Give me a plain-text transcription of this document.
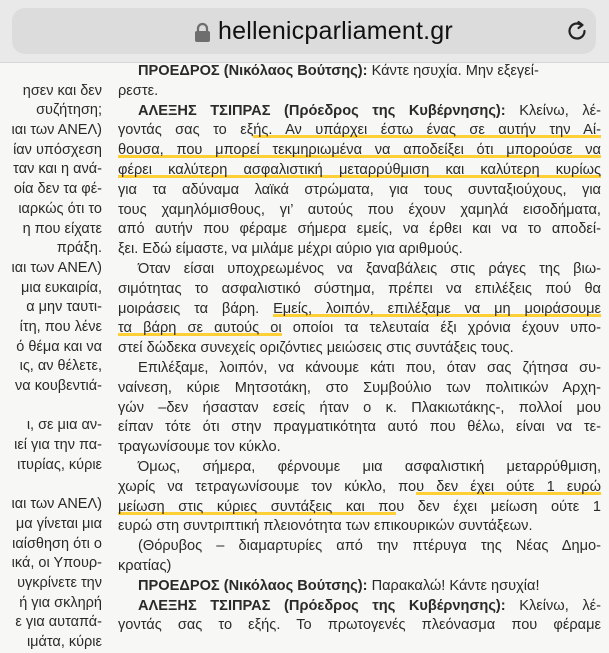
hellenicparliament.gr
ησεν και δεν
συζήτηση;
ιαι των ΑΝΕΛ)
ίαν υπόσχεση
ταν και η ανά-
οία δεν τα φέ-
ιαρκώς ότι το
η που είχατε
πράξη.
ιαι των ΑΝΕΛ)
μια ευκαιρία,
α μην ταυτι-
ίτη, που λένε
ό θέμα και να
ις, αν θέλετε,
να κουβεντιά-
ι, σε μια αν-
ιεί για την πα-
ιτυρίας, κύριε
ιαι των ΑΝΕΛ)
μα γίνεται μια
ιαίσθηση ότι ο
ικά, οι Υπουρ-
υγκρίνετε την
ή για σκληρή
ε για αυταπά-
ιμάτα, κύριε
ΠΡΟΕΔΡΟΣ (Νικόλαος Βούτσης): Κάντε ησυχία. Μην εξεγεί-
ρεστε.
ΑΛΕΞΗΣ ΤΣΙΠΡΑΣ (Πρόεδρος της Κυβέρνησης): Κλείνω, λέ-
γοντάς σας το εξής. Αν υπάρχει έστω ένας σε αυτήν την Αί-
θουσα, που μπορεί τεκμηριωμένα να αποδείξει ότι μπορούσε να
φέρει καλύτερη ασφαλιστική μεταρρύθμιση και καλύτερη κυρίως
για τα αδύναμα λαϊκά στρώματα, για τους συνταξιούχους, για
τους χαμηλόμισθους, γι’ αυτούς που έχουν χαμηλά εισοδήματα,
από αυτήν που φέραμε σήμερα εμείς, να έρθει και να το αποδεί-
ξει. Εδώ είμαστε, να μιλάμε μέχρι αύριο για αριθμούς.
Όταν είσαι υποχρεωμένος να ξαναβάλεις στις ράγες της βιω-
σιμότητας το ασφαλιστικό σύστημα, πρέπει να επιλέξεις πού θα
μοιράσεις τα βάρη. Εμείς, λοιπόν, επιλέξαμε να μη μοιράσουμε
τα βάρη σε αυτούς οι οποίοι τα τελευταία έξι χρόνια έχουν υπο-
στεί δώδεκα συνεχείς οριζόντιες μειώσεις στις συντάξεις τους.
Επιλέξαμε, λοιπόν, να κάνουμε κάτι που, όταν σας ζήτησα συ-
ναίνεση, κύριε Μητσοτάκη, στο Συμβούλιο των πολιτικών Αρχη-
γών –δεν ήσασταν εσείς ήταν ο κ. Πλακιωτάκης-, πολλοί μου
είπαν τότε ότι στην πραγματικότητα αυτό που θέλω, είναι να τε-
τραγωνίσουμε τον κύκλο.
Όμως, σήμερα, φέρνουμε μια ασφαλιστική μεταρρύθμιση,
χωρίς να τετραγωνίσουμε τον κύκλο, που δεν έχει ούτε 1 ευρώ
μείωση στις κύριες συντάξεις και που δεν έχει μείωση ούτε 1
ευρώ στη συντριπτική πλειονότητα των επικουρικών συντάξεων.
(Θόρυβος – διαμαρτυρίες από την πτέρυγα της Νέας Δημο-
κρατίας)
ΠΡΟΕΔΡΟΣ (Νικόλαος Βούτσης): Παρακαλώ! Κάντε ησυχία!
ΑΛΕΞΗΣ ΤΣΙΠΡΑΣ (Πρόεδρος της Κυβέρνησης): Κλείνω, λέ-
γοντάς σας το εξής. Το πρωτογενές πλεόνασμα που φέραμε
